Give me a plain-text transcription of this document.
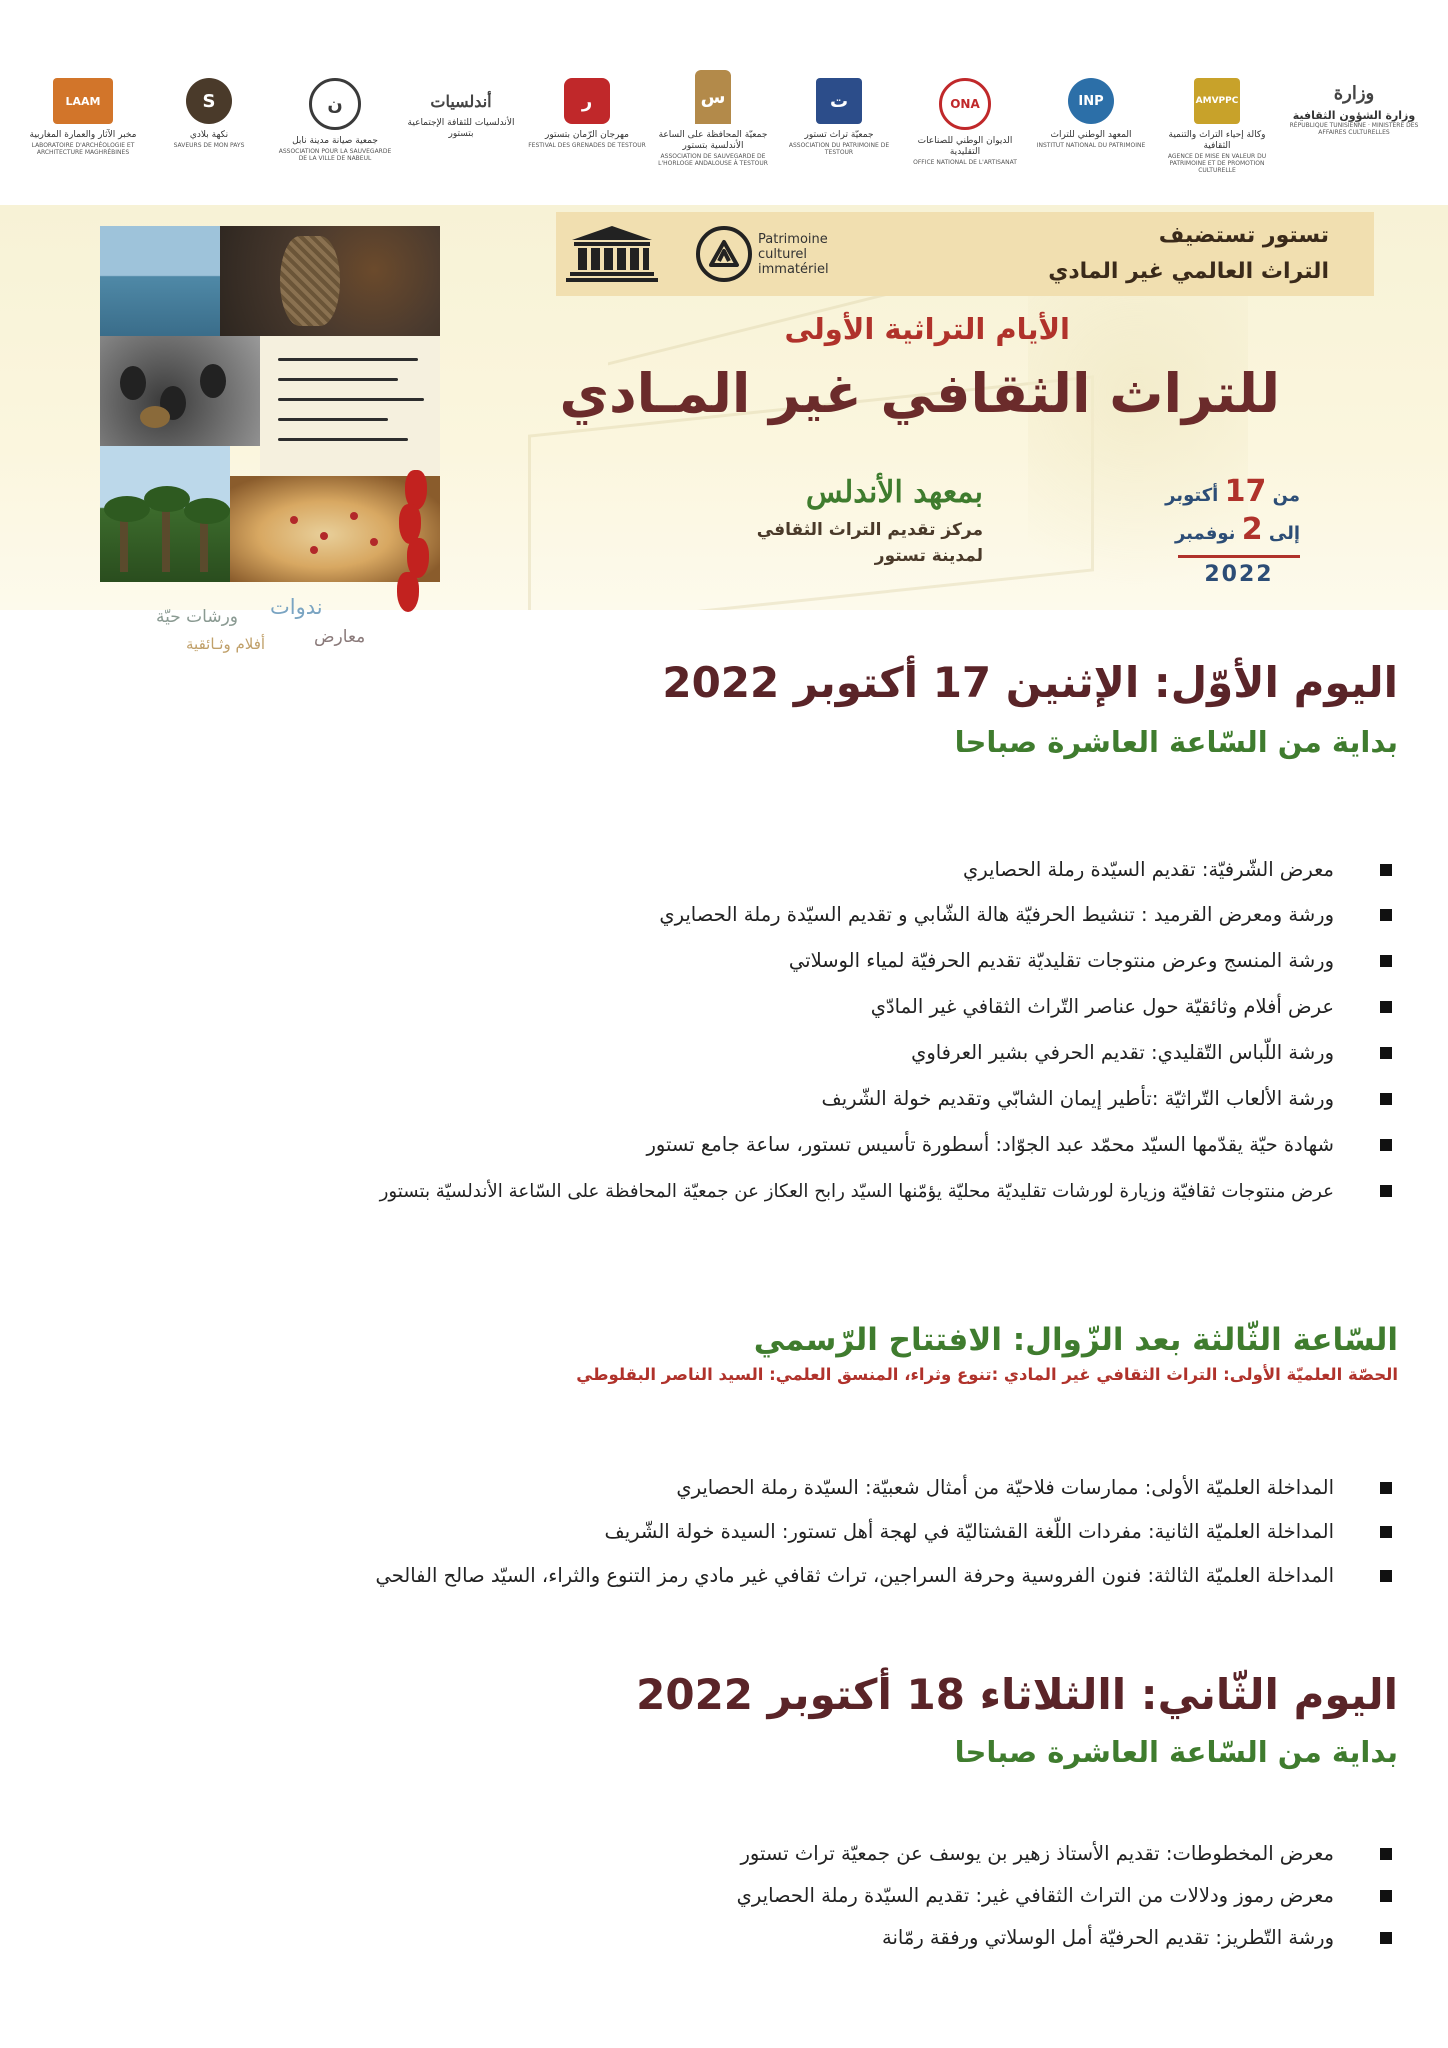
LAAM
مخبر الآثار والعمارة المغاربية
LABORATOIRE D'ARCHÉOLOGIE ET ARCHITECTURE MAGHRÉBINES
S
نكهة بلادي
SAVEURS DE MON PAYS
ن
جمعية صيانة مدينة نابل
ASSOCIATION POUR LA SAUVEGARDE DE LA VILLE DE NABEUL
أندلسيات
الأندلسيات للثقافة الإجتماعية بتستور
ر
مهرجان الرّمان بتستور
FESTIVAL DES GRENADES DE TESTOUR
س
جمعيّة المحافظة على الساعة الأندلسية بتستور
ASSOCIATION DE SAUVEGARDE DE L'HORLOGE ANDALOUSE À TESTOUR
ت
جمعيّة تراث تستور
ASSOCIATION DU PATRIMOINE DE TESTOUR
ONA
الديوان الوطني للصناعات التقليدية
OFFICE NATIONAL DE L'ARTISANAT
INP
المعهد الوطني للتراث
INSTITUT NATIONAL DU PATRIMOINE
AMVPPC
وكالة إحياء التراث والتنمية الثقافية
AGENCE DE MISE EN VALEUR DU PATRIMOINE ET DE PROMOTION CULTURELLE
وزارة
وزارة الشؤون الثقافية
RÉPUBLIQUE TUNISIENNE · MINISTÈRE DES AFFAIRES CULTURELLES
Patrimoine
culturel
immatériel
تستور تستضيف
التراث العالمي غير المادي
الأيام التراثية الأولى
للتراث الثقافي غير المـادي
بمعهد الأندلس
مركز تقديم التراث الثقافي
لمدينة تستور
من 17 أكتوبر
إلى 2 نوفمبر
2022
ندوات
ورشات حيّة
معارض
أفلام وثـائقية
اليوم الأوّل: الإثنين 17 أكتوبر 2022
بداية من السّاعة العاشرة صباحا
معرض الشّرفيّة: تقديم السيّدة رملة الحصايري
ورشة ومعرض القرميد : تنشيط الحرفيّة هالة الشّابي و تقديم السيّدة رملة الحصايري
ورشة المنسج وعرض منتوجات تقليديّة تقديم الحرفيّة لمياء الوسلاتي
عرض أفلام وثائقيّة حول عناصر التّراث الثقافي غير المادّي
ورشة اللّباس التّقليدي: تقديم الحرفي بشير العرفاوي
ورشة الألعاب التّراثيّة :تأطير إيمان الشابّي وتقديم خولة الشّريف
شهادة حيّة يقدّمها السيّد محمّد عبد الجوّاد: أسطورة تأسيس تستور، ساعة جامع تستور
عرض منتوجات ثقافيّة وزيارة لورشات تقليديّة محليّة يؤمّنها السيّد رابح العكاز عن جمعيّة المحافظة على السّاعة الأندلسيّة بتستور
السّاعة الثّالثة بعد الزّوال: الافتتاح الرّسمي
الحصّة العلميّة الأولى: التراث الثقافي غير المادي :تنوع وثراء، المنسق العلمي: السيد الناصر البقلوطي
المداخلة العلميّة الأولى: ممارسات فلاحيّة من أمثال شعبيّة: السيّدة رملة الحصايري
المداخلة العلميّة الثانية: مفردات اللّغة القشتاليّة في لهجة أهل تستور: السيدة خولة الشّريف
المداخلة العلميّة الثالثة: فنون الفروسية وحرفة السراجين، تراث ثقافي غير مادي رمز التنوع والثراء، السيّد صالح الفالحي
اليوم الثّاني: االثلاثاء 18 أكتوبر 2022
بداية من السّاعة العاشرة صباحا
معرض المخطوطات: تقديم الأستاذ زهير بن يوسف عن جمعيّة تراث تستور
معرض رموز ودلالات من التراث الثقافي غير: تقديم السيّدة رملة الحصايري
ورشة التّطريز: تقديم الحرفيّة أمل الوسلاتي ورفقة رمّانة
